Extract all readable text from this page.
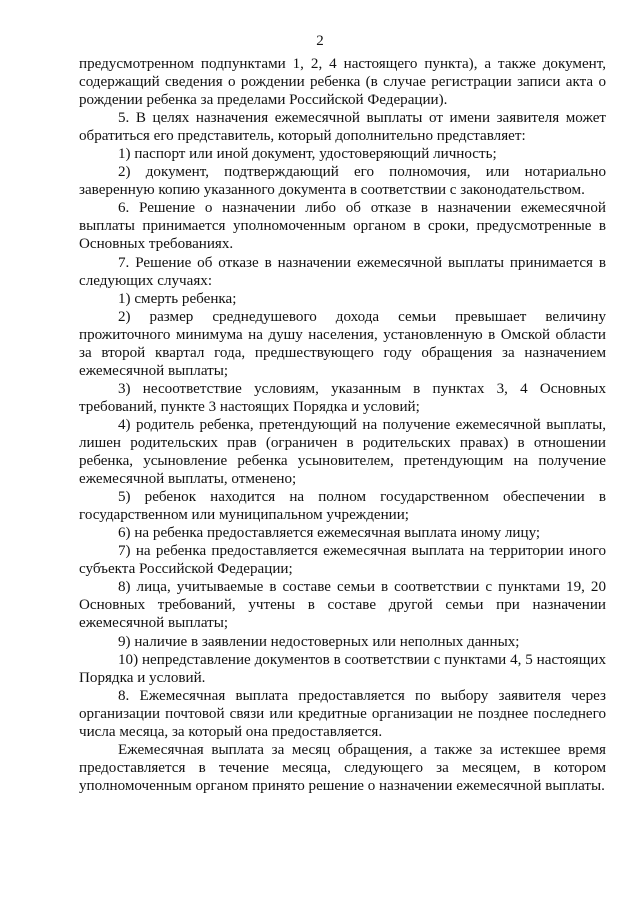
2

предусмотренном подпунктами 1, 2, 4 настоящего пункта), а также документ, содержащий сведения о рождении ребенка (в случае регистрации записи акта о рождении ребенка за пределами Российской Федерации).

5. В целях назначения ежемесячной выплаты от имени заявителя может обратиться его представитель, который дополнительно представляет:

1) паспорт или иной документ, удостоверяющий личность;

2) документ, подтверждающий его полномочия, или нотариально заверенную копию указанного документа в соответствии с законодательством.

6. Решение о назначении либо об отказе в назначении ежемесячной выплаты принимается уполномоченным органом в сроки, предусмотренные в Основных требованиях.

7. Решение об отказе в назначении ежемесячной выплаты принимается в следующих случаях:

1) смерть ребенка;

2) размер среднедушевого дохода семьи превышает величину прожиточного минимума на душу населения, установленную в Омской области за второй квартал года, предшествующего году обращения за назначением ежемесячной выплаты;

3) несоответствие условиям, указанным в пунктах 3, 4 Основных требований, пункте 3 настоящих Порядка и условий;

4) родитель ребенка, претендующий на получение ежемесячной выплаты, лишен родительских прав (ограничен в родительских правах) в отношении ребенка, усыновление ребенка усыновителем, претендующим на получение ежемесячной выплаты, отменено;

5) ребенок находится на полном государственном обеспечении в государственном или муниципальном учреждении;

6) на ребенка предоставляется ежемесячная выплата иному лицу;

7) на ребенка предоставляется ежемесячная выплата на территории иного субъекта Российской Федерации;

8) лица, учитываемые в составе семьи в соответствии с пунктами 19, 20 Основных требований, учтены в составе другой семьи при назначении ежемесячной выплаты;

9) наличие в заявлении недостоверных или неполных данных;

10) непредставление документов в соответствии с пунктами 4, 5 настоящих Порядка и условий.

8. Ежемесячная выплата предоставляется по выбору заявителя через организации почтовой связи или кредитные организации не позднее последнего числа месяца, за который она предоставляется.

Ежемесячная выплата за месяц обращения, а также за истекшее время предоставляется в течение месяца, следующего за месяцем, в котором уполномоченным органом принято решение о назначении ежемесячной выплаты.
